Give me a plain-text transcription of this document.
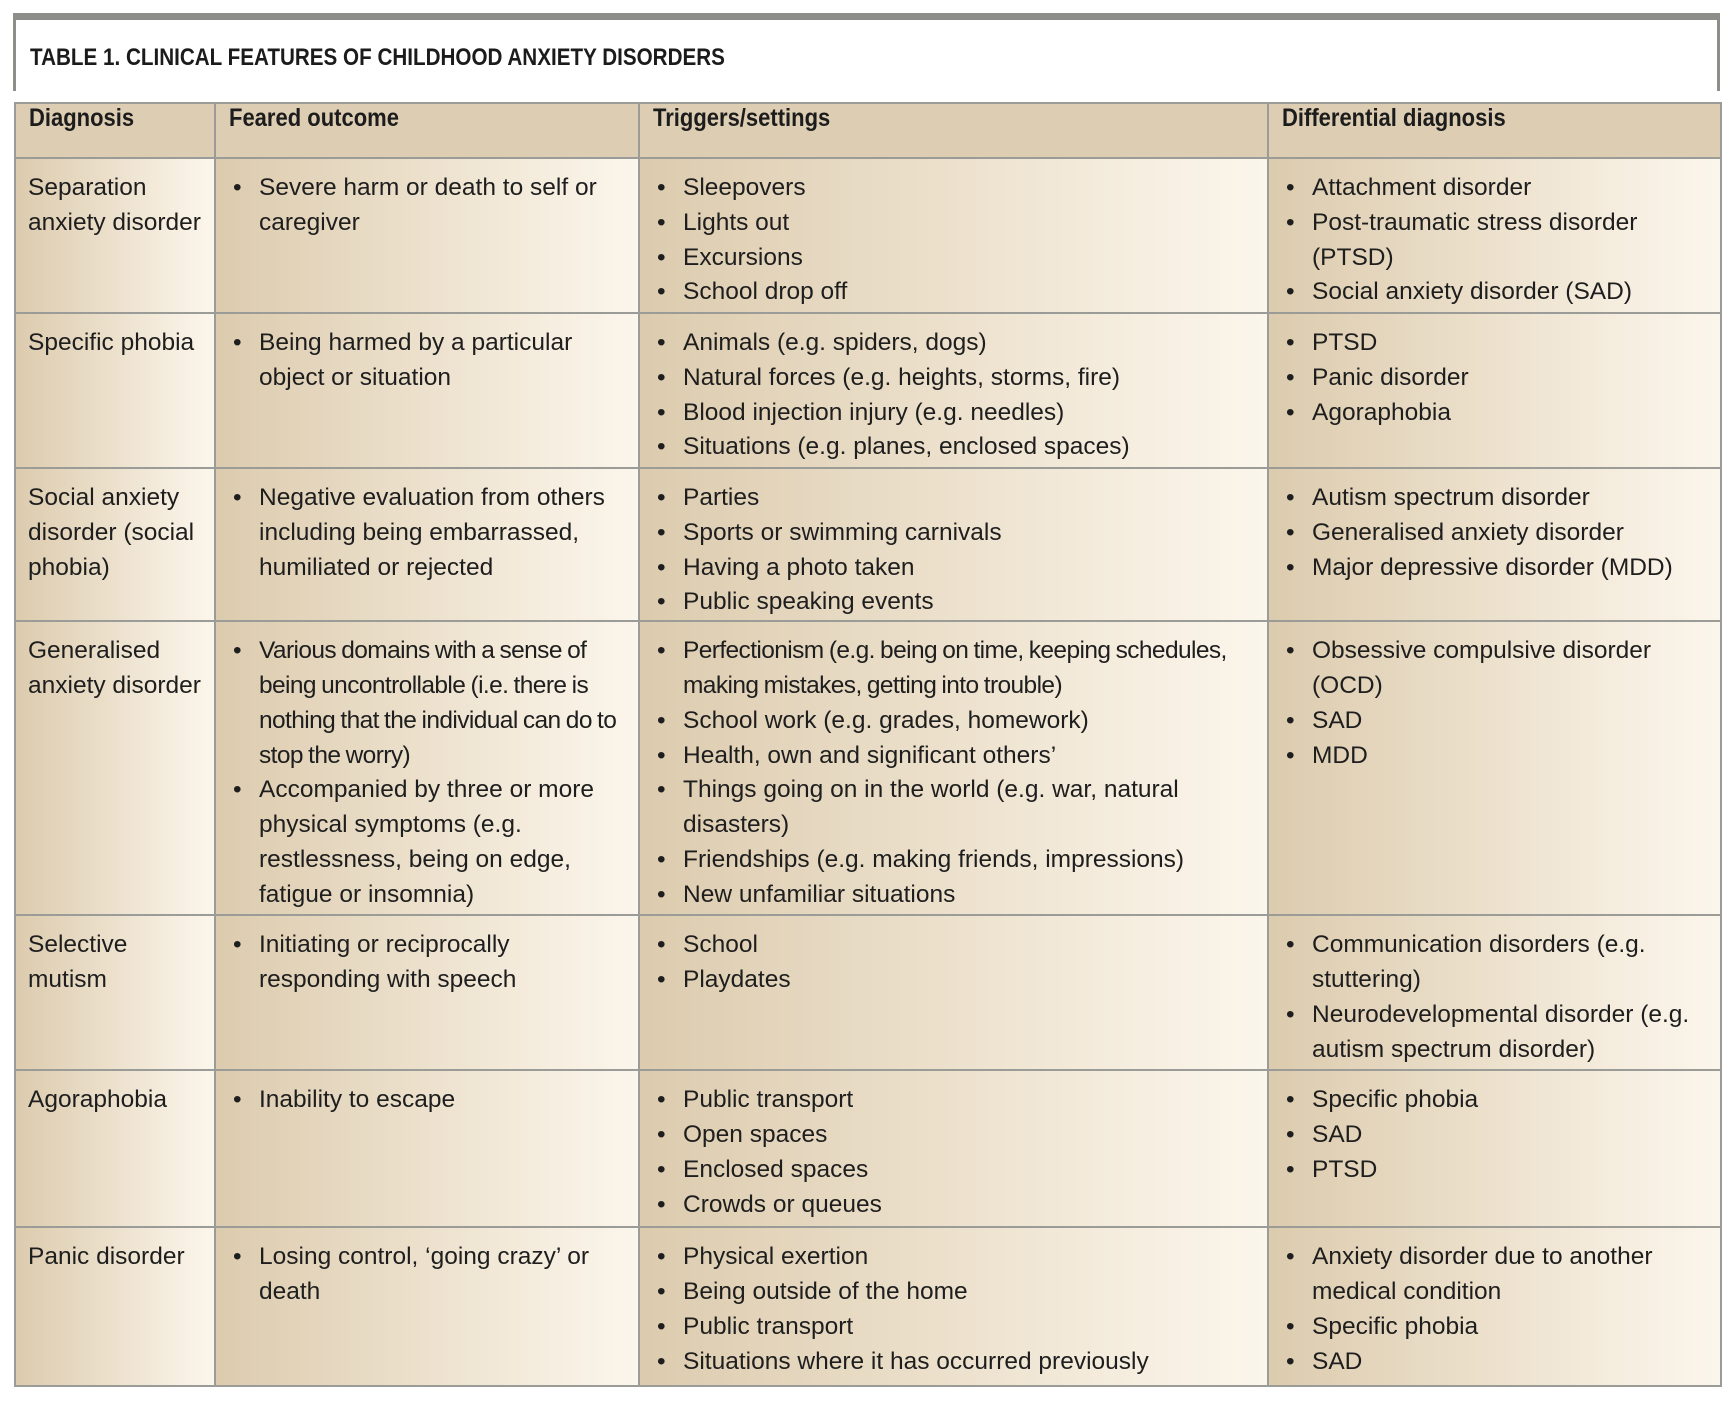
TABLE 1. CLINICAL FEATURES OF CHILDHOOD ANXIETY DISORDERS
Diagnosis	Feared outcome	Triggers/settings	Differential diagnosis
Separation anxiety disorder	
• Severe harm or death to self or caregiver

• Sleepovers
• Lights out
• Excursions
• School drop off

• Attachment disorder
• Post-traumatic stress disorder (PTSD)
• Social anxiety disorder (SAD)

Specific phobia	
•Being harmed by a particular object or situation

• Animals (e.g. spiders, dogs)
• Natural forces (e.g. heights, storms, fire)
• Blood injection injury (e.g. needles)
• Situations (e.g. planes, enclosed spaces)

• PTSD
• Panic disorder
• Agoraphobia

Social anxiety disorder (social phobia)	
• Negative evaluation from others including being embarrassed, humiliated or rejected

• Parties
• Sports or swimming carnivals
• Having a photo taken
• Public speaking events

• Autism spectrum disorder
• Generalised anxiety disorder
• Major depressive disorder (MDD)

Generalised anxiety disorder	
• Various domains with a sense of being uncontrollable (i.e. there is nothing that the individual can do to stop the worry)
• Accompanied by three or more physical symptoms (e.g. restlessness, being on edge, fatigue or insomnia)

• Perfectionism (e.g. being on time, keeping schedules, making mistakes, getting into trouble)
• School work (e.g. grades, homework)
• Health, own and significant others’
• Things going on in the world (e.g. war, natural disasters)
• Friendships (e.g. making friends, impressions)
• New unfamiliar situations

• Obsessive compulsive disorder (OCD)
• SAD
• MDD

Selective mutism	
• Initiating or reciprocally responding with speech

• School
• Playdates

• Communication disorders (e.g. stuttering)
• Neurodevelopmental disorder (e.g. autism spectrum disorder)

Agoraphobia	
•Inability to escape

•Public transport
• Open spaces
• Enclosed spaces
• Crowds or queues

• Specific phobia
• SAD
• PTSD

Panic disorder	
•Losing control, ‘going crazy’ or death

• Physical exertion
• Being outside of the home
• Public transport
• Situations where it has occurred previously

• Anxiety disorder due to another medical condition
• Specific phobia
• SAD
